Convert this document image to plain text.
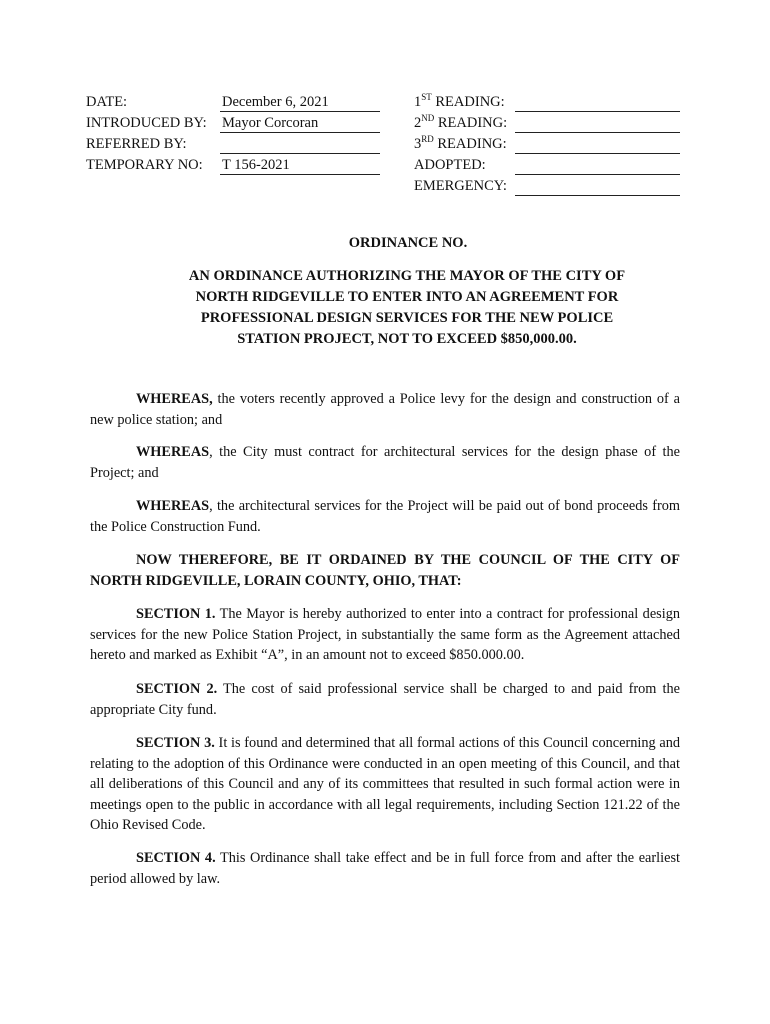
DATE:	December 6, 2021
INTRODUCED BY: Mayor Corcoran
REFERRED BY:
TEMPORARY NO: T 156-2021
1ST READING:
2ND READING:
3RD READING:
ADOPTED:
EMERGENCY:
ORDINANCE NO.
AN ORDINANCE AUTHORIZING THE MAYOR OF THE CITY OF NORTH RIDGEVILLE TO ENTER INTO AN AGREEMENT FOR PROFESSIONAL DESIGN SERVICES FOR THE NEW POLICE STATION PROJECT, NOT TO EXCEED $850,000.00.
WHEREAS, the voters recently approved a Police levy for the design and construction of a new police station; and
WHEREAS, the City must contract for architectural services for the design phase of the Project; and
WHEREAS, the architectural services for the Project will be paid out of bond proceeds from the Police Construction Fund.
NOW THEREFORE, BE IT ORDAINED BY THE COUNCIL OF THE CITY OF NORTH RIDGEVILLE, LORAIN COUNTY, OHIO, THAT:
SECTION 1. The Mayor is hereby authorized to enter into a contract for professional design services for the new Police Station Project, in substantially the same form as the Agreement attached hereto and marked as Exhibit “A”, in an amount not to exceed $850.000.00.
SECTION 2. The cost of said professional service shall be charged to and paid from the appropriate City fund.
SECTION 3. It is found and determined that all formal actions of this Council concerning and relating to the adoption of this Ordinance were conducted in an open meeting of this Council, and that all deliberations of this Council and any of its committees that resulted in such formal action were in meetings open to the public in accordance with all legal requirements, including Section 121.22 of the Ohio Revised Code.
SECTION 4. This Ordinance shall take effect and be in full force from and after the earliest period allowed by law.
